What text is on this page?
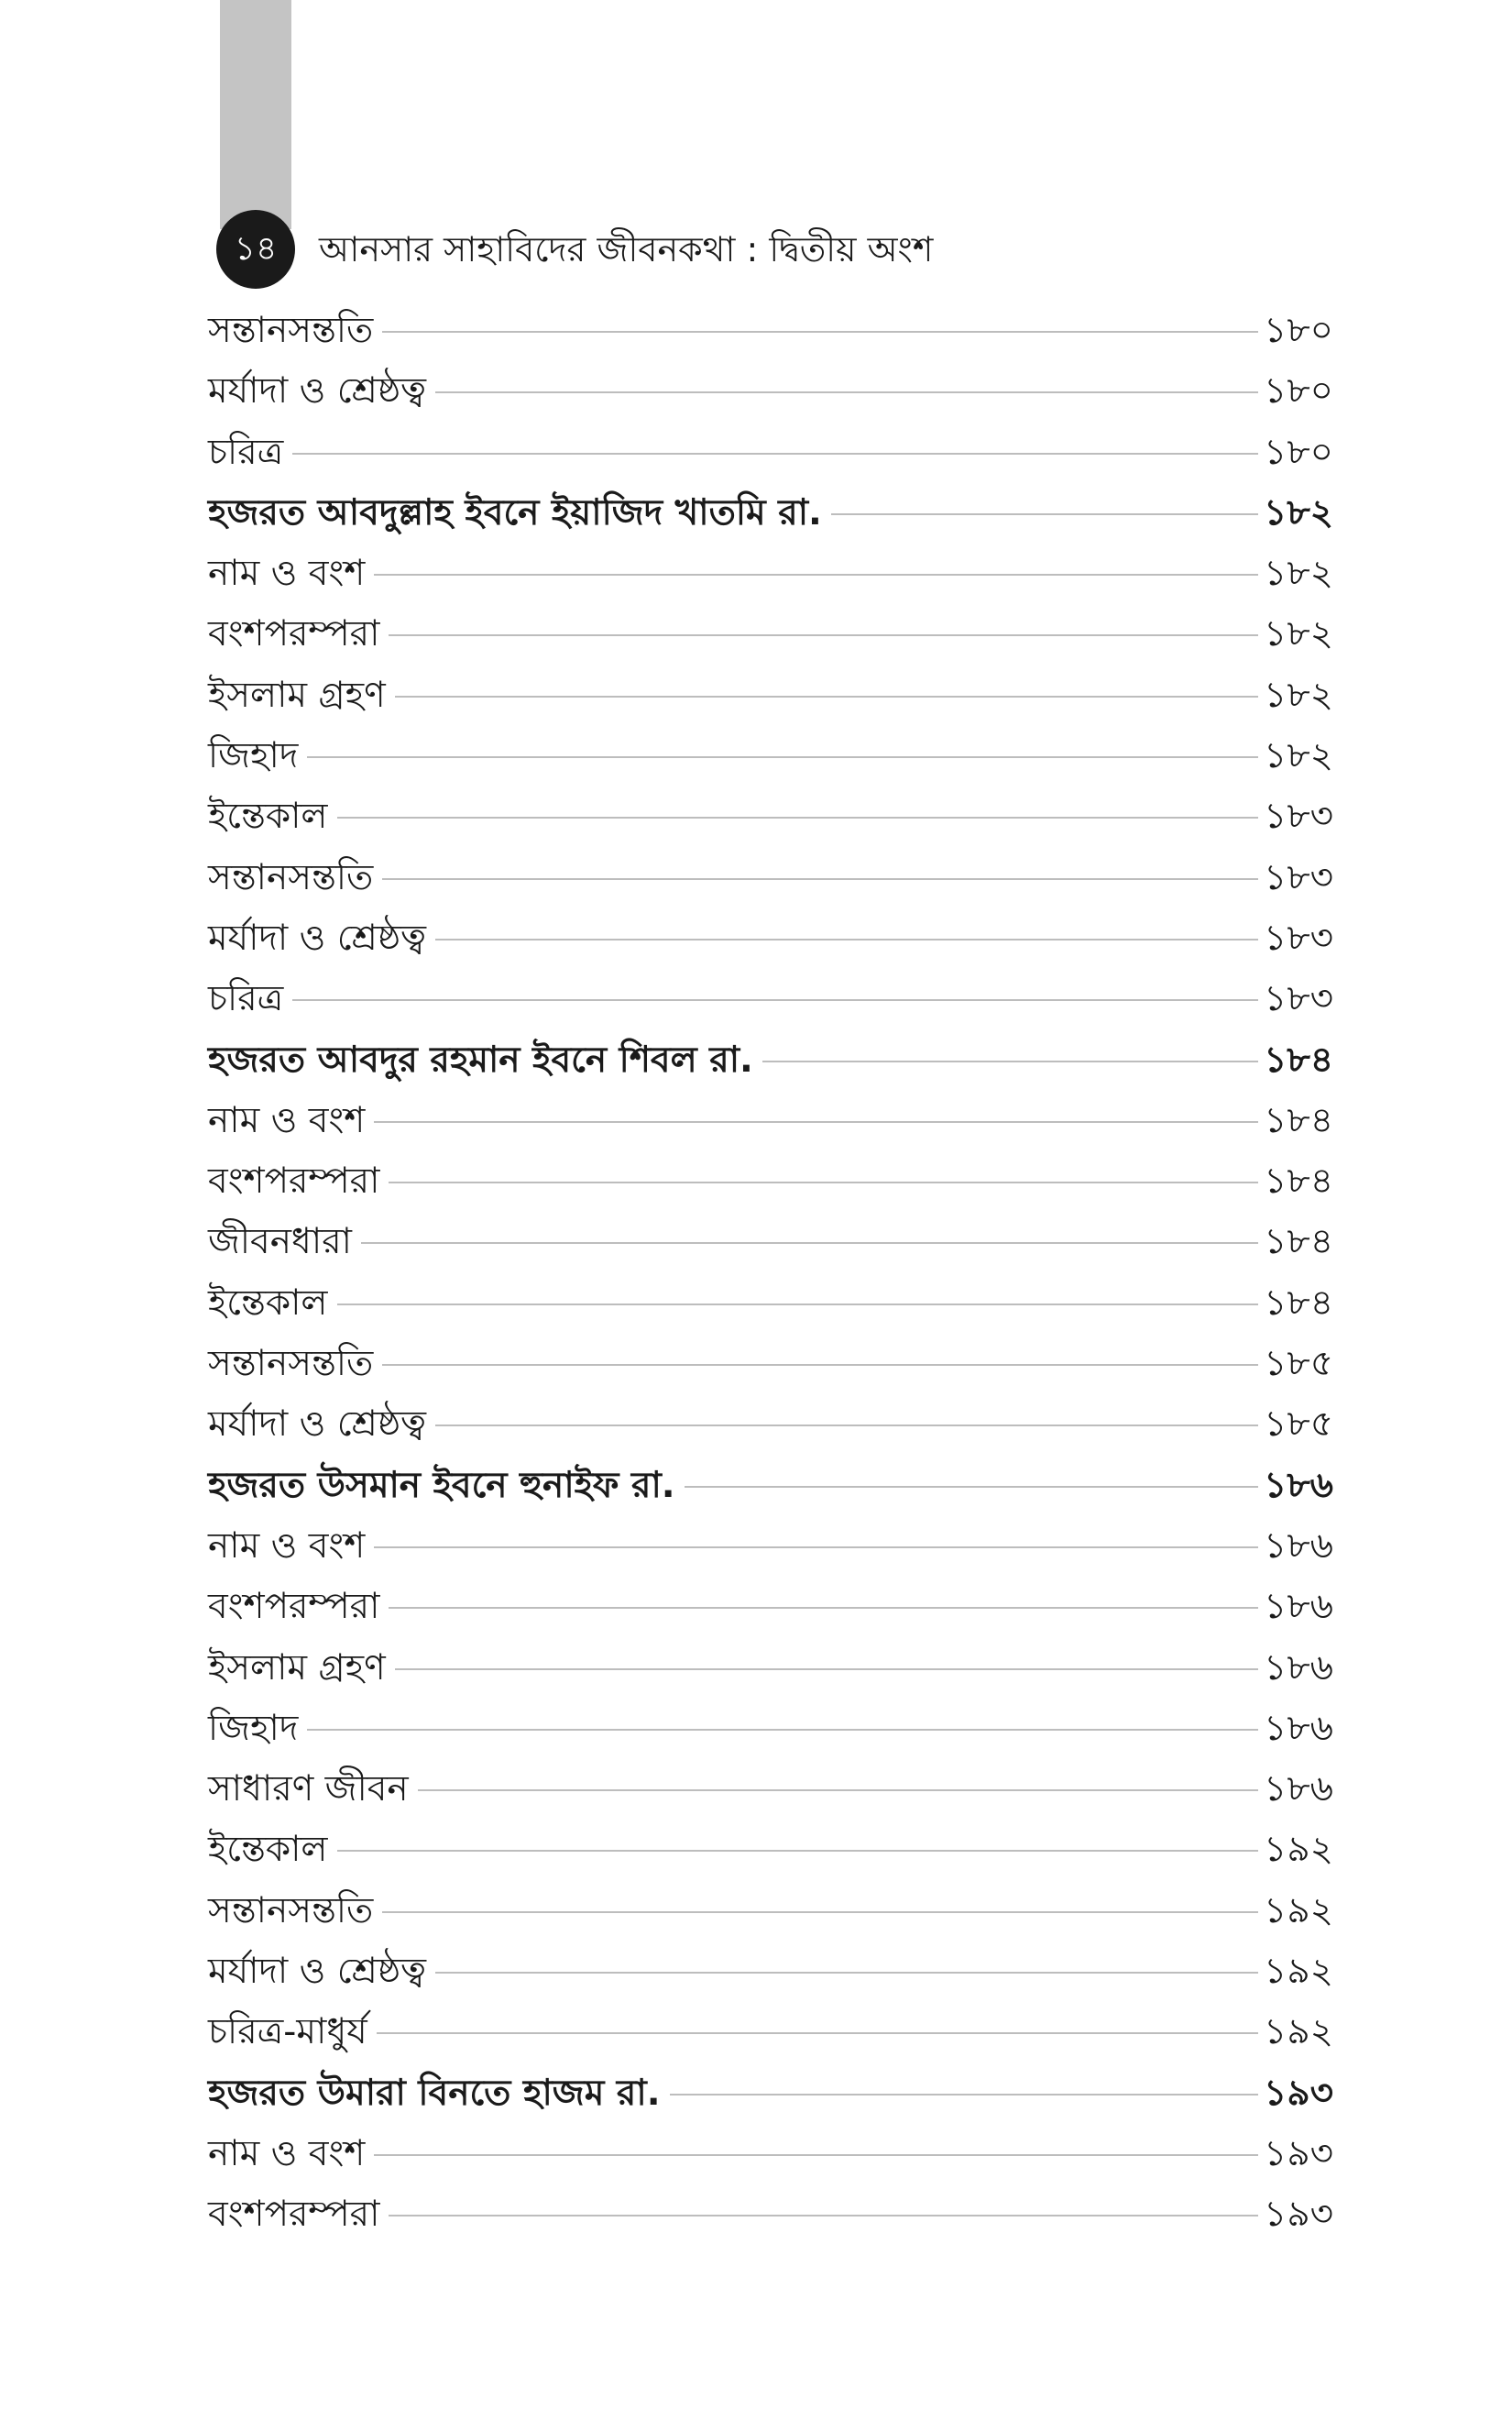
১৪	আনসার সাহাবিদের জীবনকথা : দ্বিতীয় অংশ
সন্তানসন্ততি	১৮০
মর্যাদা ও শ্রেষ্ঠত্ব	১৮০
চরিত্র	১৮০
হজরত আবদুল্লাহ ইবনে ইয়াজিদ খাতমি রা.	১৮২
নাম ও বংশ	১৮২
বংশপরম্পরা	১৮২
ইসলাম গ্রহণ	১৮২
জিহাদ	১৮২
ইন্তেকাল	১৮৩
সন্তানসন্ততি	১৮৩
মর্যাদা ও শ্রেষ্ঠত্ব	১৮৩
চরিত্র	১৮৩
হজরত আবদুর রহমান ইবনে শিবল রা.	১৮৪
নাম ও বংশ	১৮৪
বংশপরম্পরা	১৮৪
জীবনধারা	১৮৪
ইন্তেকাল	১৮৪
সন্তানসন্ততি	১৮৫
মর্যাদা ও শ্রেষ্ঠত্ব	১৮৫
হজরত উসমান ইবনে হুনাইফ রা.	১৮৬
নাম ও বংশ	১৮৬
বংশপরম্পরা	১৮৬
ইসলাম গ্রহণ	১৮৬
জিহাদ	১৮৬
সাধারণ জীবন	১৮৬
ইন্তেকাল	১৯২
সন্তানসন্ততি	১৯২
মর্যাদা ও শ্রেষ্ঠত্ব	১৯২
চরিত্র-মাধুর্য	১৯২
হজরত উমারা বিনতে হাজম রা.	১৯৩
নাম ও বংশ	১৯৩
বংশপরম্পরা	১৯৩
